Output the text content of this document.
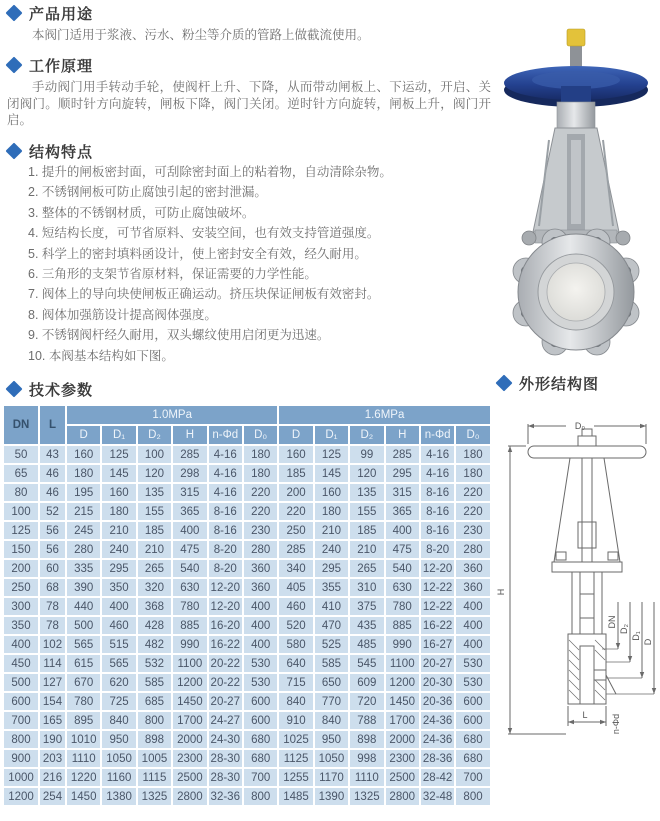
产品用途
本阀门适用于浆液、污水、粉尘等介质的管路上做截流使用。
工作原理
手动阀门用手转动手轮，使阀杆上升、下降，从而带动闸板上、下运动，开启、关闭阀门。顺时针方向旋转，闸板下降，阀门关闭。逆时针方向旋转，闸板上升，阀门开启。
结构特点
1. 提升的闸板密封面，可刮除密封面上的粘着物，自动清除杂物。
2. 不锈钢闸板可防止腐蚀引起的密封泄漏。
3. 整体的不锈钢材质，可防止腐蚀破坏。
4. 短结构长度，可节省原料、安装空间，也有效支持管道强度。
5. 科学上的密封填料函设计，使上密封安全有效，经久耐用。
6. 三角形的支架节省原材料，保证需要的力学性能。
7. 阀体上的导向块使闸板正确运动。挤压块保证闸板有效密封。
8. 阀体加强筋设计提高阀体强度。
9. 不锈钢阀杆经久耐用，双头螺纹使用启闭更为迅速。
10. 本阀基本结构如下图。
技术参数
DN	L	1.0MPa						1.6MPa					
		D	D₁	D₂	H	n-Φd	D₀	D	D₁	D₂	H	n-Φd	D₀
50	43	160	125	100	285	4-16	180	160	125	99	285	4-16	180
65	46	180	145	120	298	4-16	180	185	145	120	295	4-16	180
80	46	195	160	135	315	4-16	220	200	160	135	315	8-16	220
100	52	215	180	155	365	8-16	220	220	180	155	365	8-16	220
125	56	245	210	185	400	8-16	230	250	210	185	400	8-16	230
150	56	280	240	210	475	8-20	280	285	240	210	475	8-20	280
200	60	335	295	265	540	8-20	360	340	295	265	540	12-20	360
250	68	390	350	320	630	12-20	360	405	355	310	630	12-22	360
300	78	440	400	368	780	12-20	400	460	410	375	780	12-22	400
350	78	500	460	428	885	16-20	400	520	470	435	885	16-22	400
400	102	565	515	482	990	16-22	400	580	525	485	990	16-27	400
450	114	615	565	532	1100	20-22	530	640	585	545	1100	20-27	530
500	127	670	620	585	1200	20-22	530	715	650	609	1200	20-30	530
600	154	780	725	685	1450	20-27	600	840	770	720	1450	20-36	600
700	165	895	840	800	1700	24-27	600	910	840	788	1700	24-36	600
800	190	1010	950	898	2000	24-30	680	1025	950	898	2000	24-36	680
900	203	1110	1050	1005	2300	28-30	680	1125	1050	998	2300	28-36	680
1000	216	1220	1160	1115	2500	28-30	700	1255	1170	1110	2500	28-42	700
1200	254	1450	1380	1325	2800	32-36	800	1485	1390	1325	2800	32-48	800
外形结构图
D₀
H
L	n-Φd
DN
D₂
D₁
D
